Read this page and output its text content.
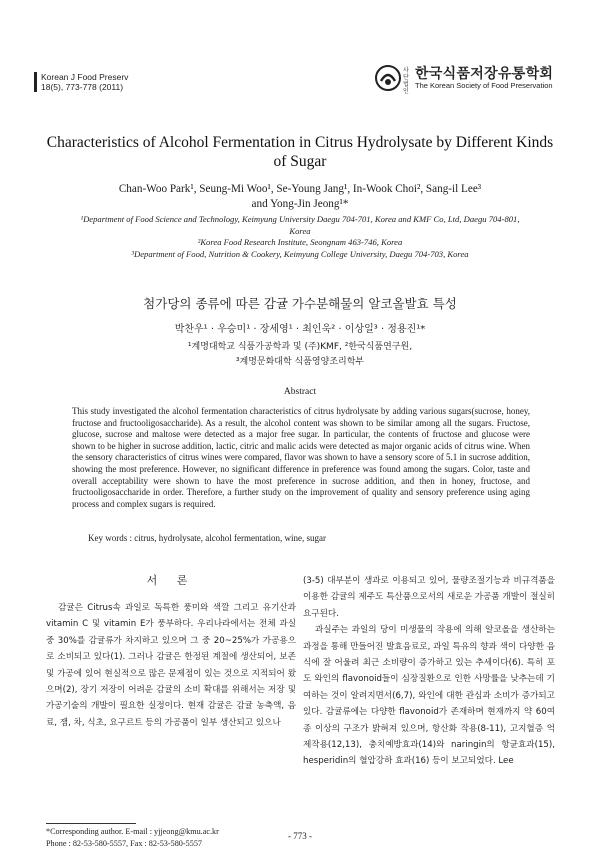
Korean J Food Preserv
18(5), 773-778 (2011)
사단법인
한국식품저장유통학회
The Korean Society of Food Preservation
Characteristics of Alcohol Fermentation in Citrus Hydrolysate by Different Kinds of Sugar
Chan-Woo Park¹, Seung-Mi Woo¹, Se-Young Jang¹, In-Wook Choi², Sang-il Lee³
and Yong-Jin Jeong¹*
¹Department of Food Science and Technology, Keimyung University Daegu 704-701, Korea and KMF Co, Ltd, Daegu 704-801, Korea
²Korea Food Research Institute, Seongnam 463-746, Korea
³Department of Food, Nutrition & Cookery, Keimyung College University, Daegu 704-703, Korea
첨가당의 종류에 따른 감귤 가수분해물의 알코올발효 특성
박찬우¹ · 우승미¹ · 장세영¹ · 최인욱² · 이상일³ · 정용진¹*
¹계명대학교 식품가공학과 및 (주)KMF, ²한국식품연구원,
³계명문화대학 식품영양조리학부
Abstract
This study investigated the alcohol fermentation characteristics of citrus hydrolysate by adding various sugars(sucrose, honey, fructose and fructooligosaccharide). As a result, the alcohol content was shown to be similar among all the sugars. Fructose, glucose, sucrose and maltose were detected as a major free sugar. In particular, the contents of fructose and glucose were shown to be higher in sucrose addition, lactic, citric and malic acids were detected as major organic acids of citrus wine. When the sensory characteristics of citrus wines were compared, flavor was shown to have a sensory score of 5.1 in sucrose addition, showing the most preference. However, no significant difference in preference was found among the sugars. Color, taste and overall acceptability were shown to have the most preference in sucrose addition, and then in honey, fructose, and fructooligosaccharide in order. Therefore, a further study on the improvement of quality and sensory preference using aging process and complex sugars is required.
Key words : citrus, hydrolysate, alcohol fermentation, wine, sugar
서 론

감귤은 Citrus속 과일로 독특한 풍미와 색깔 그리고 유기산과 vitamin C 및 vitamin E가 풍부하다. 우리나라에서는 전체 과실 중 30%를 감귤류가 차지하고 있으며 그 중 20~25%가 가공용으로 소비되고 있다(1). 그러나 감귤은 한정된 계절에 생산되어, 보존 및 가공에 있어 현실적으로 많은 문제점이 있는 것으로 지적되어 왔으며(2), 장기 저장이 어려운 감귤의 소비 확대를 위해서는 저장 및 가공기술의 개발이 필요한 실정이다. 현재 감귤은 감귤 농축액, 음료, 잼, 차, 식초, 요구르트 등의 가공품이 일부 생산되고 있으나

(3-5) 대부분이 생과로 이용되고 있어, 물량조절기능과 비규격품을 이용한 감귤의 제주도 특산품으로서의 새로운 가공품 개발이 절실히 요구된다.

과실주는 과일의 당이 미생물의 작용에 의해 알코올을 생산하는 과정을 통해 만들어진 발효음료로, 과일 특유의 향과 색이 다양한 음식에 잘 어울려 최근 소비량이 증가하고 있는 추세이다(6). 특히 포도 와인의 flavonoid들이 심장질환으로 인한 사망률을 낮추는데 기여하는 것이 알려지면서(6,7), 와인에 대한 관심과 소비가 증가되고 있다. 감귤류에는 다양한 flavonoid가 존재하며 현재까지 약 60여종 이상의 구조가 밝혀져 있으며, 항산화 작용(8-11), 고지혈증 억제작용(12,13), 충치예방효과(14)와 naringin의 항균효과(15), hesperidin의 혈압강하 효과(16) 등이 보고되었다. Lee

*Corresponding author. E-mail : yjjeong@kmu.ac.kr
Phone : 82-53-580-5557, Fax : 82-53-580-5557
- 773 -
